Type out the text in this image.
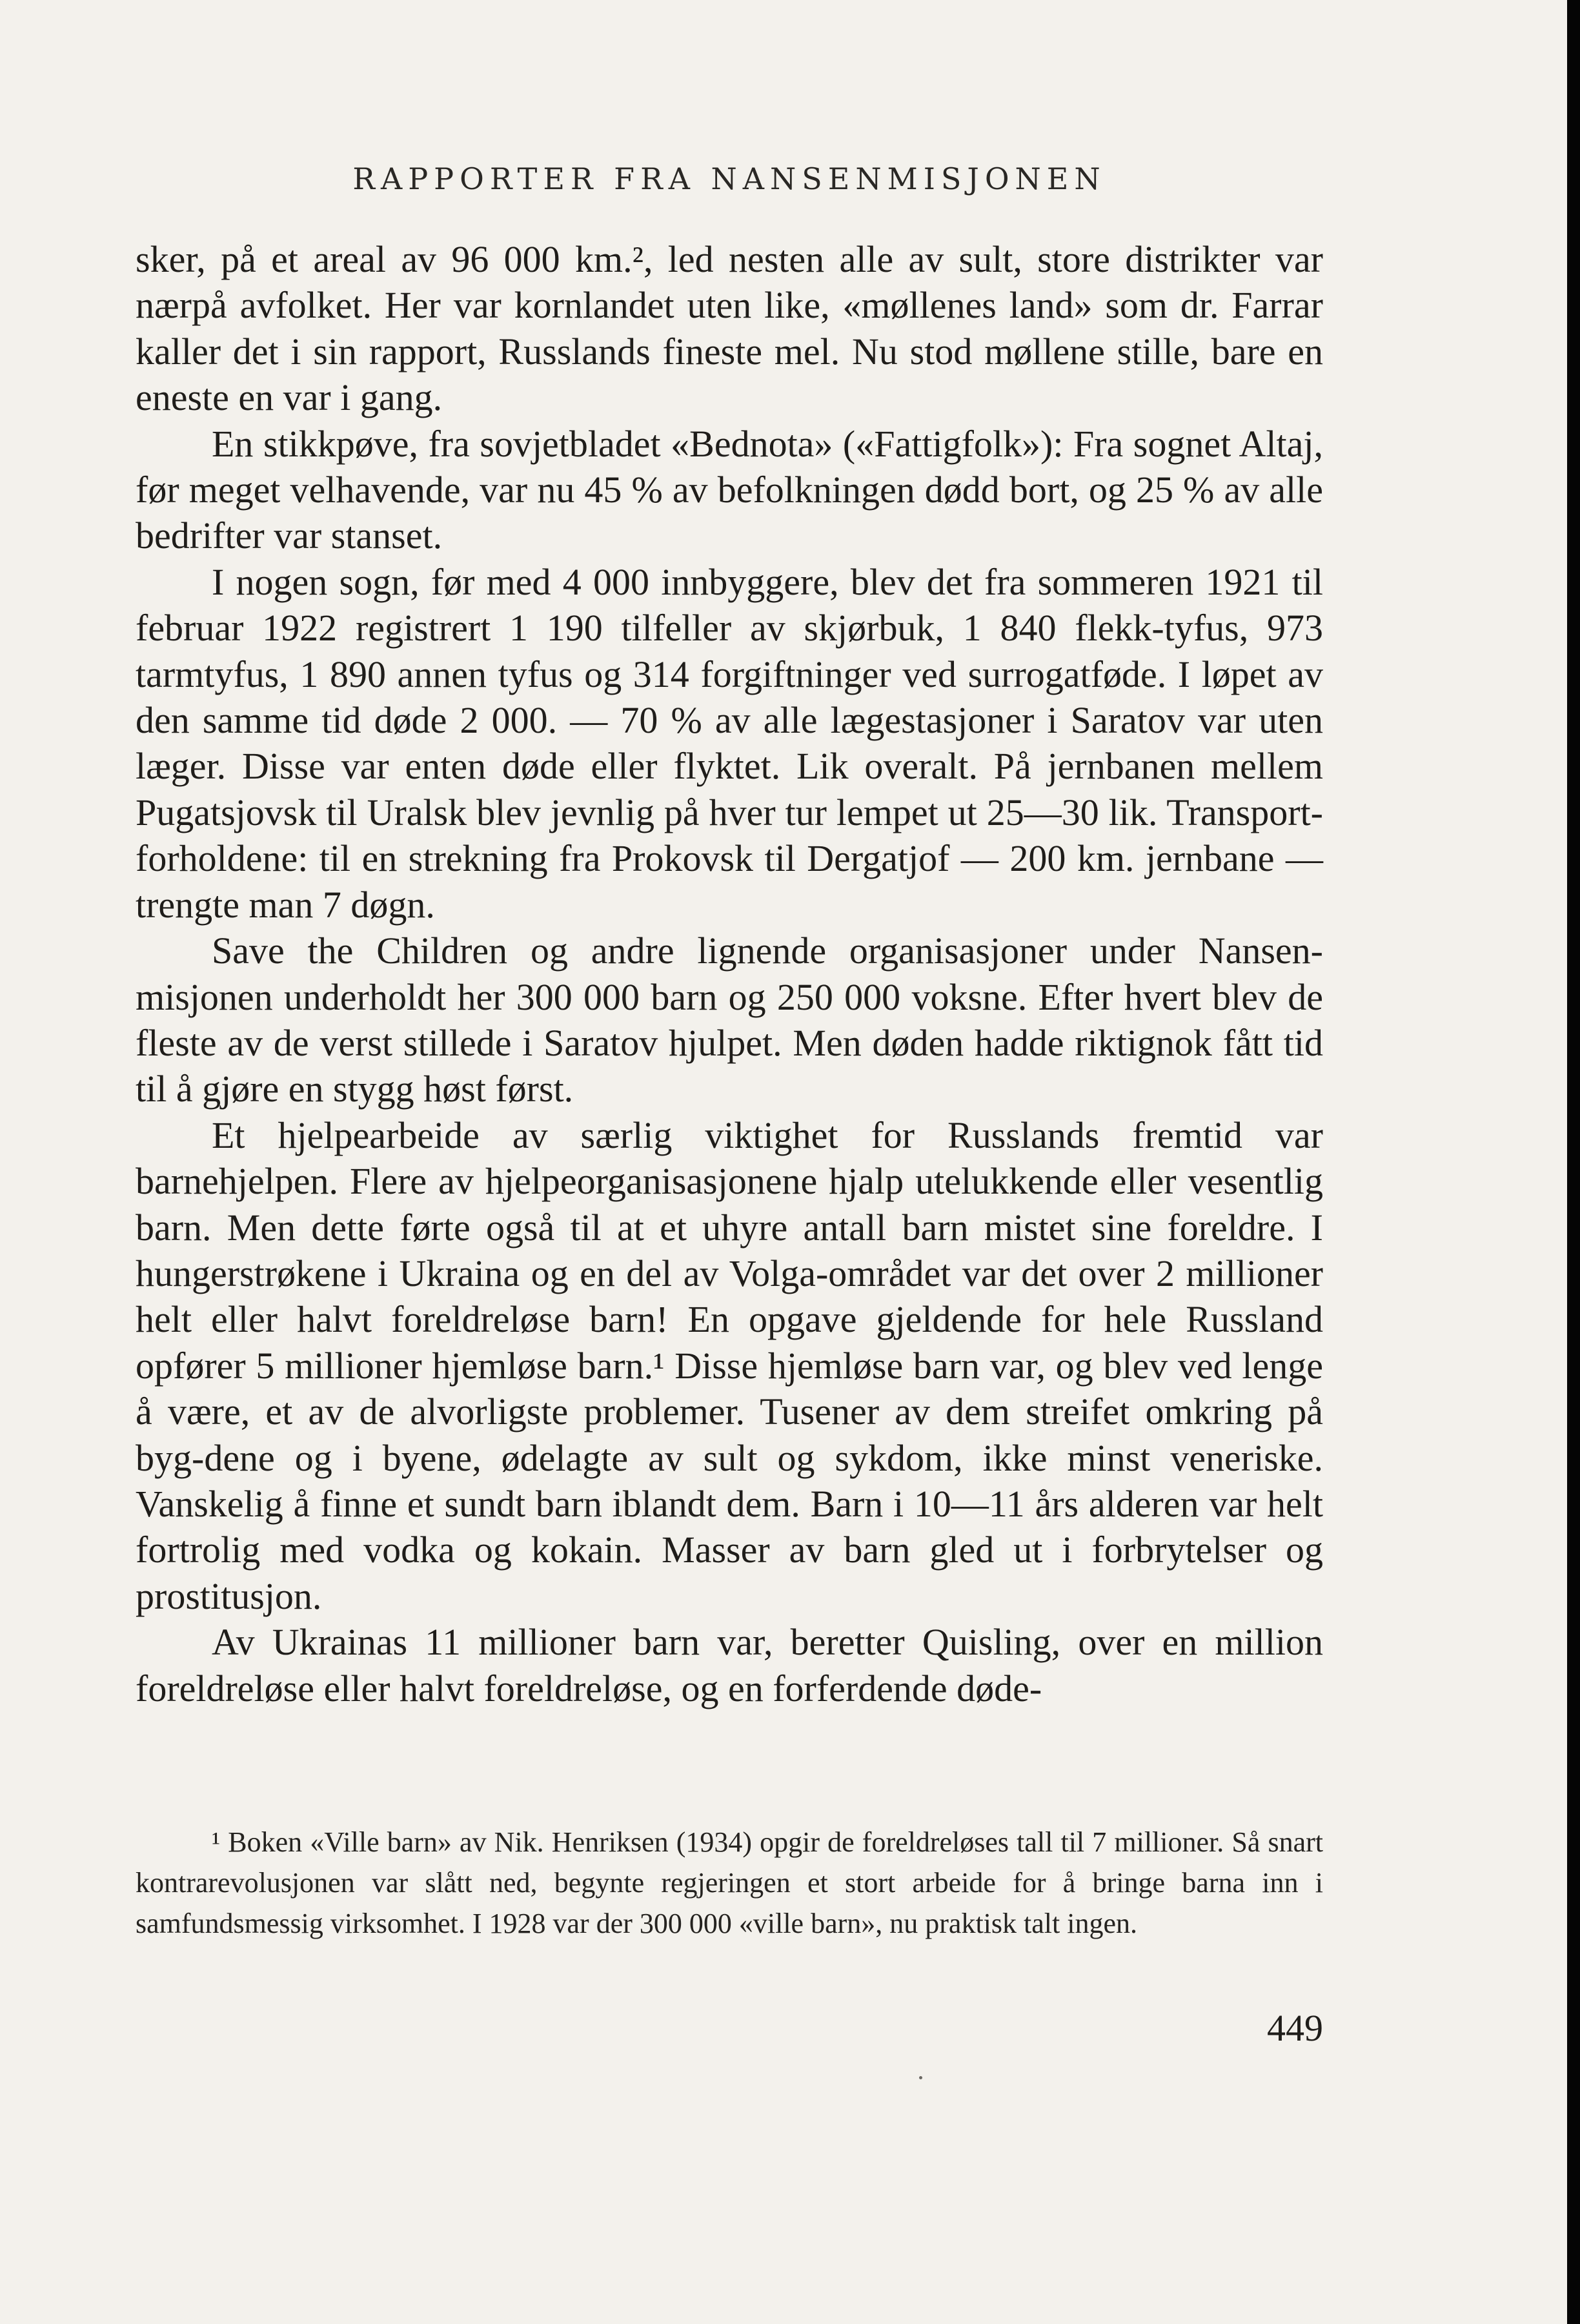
RAPPORTER FRA NANSENMISJONEN

sker, på et areal av 96 000 km.², led nesten alle av sult, store distrikter var nærpå avfolket. Her var kornlandet uten like, «møllenes land» som dr. Farrar kaller det i sin rapport, Russlands fineste mel. Nu stod møllene stille, bare en eneste en var i gang.

En stikkpøve, fra sovjetbladet «Bednota» («Fattigfolk»): Fra sognet Altaj, før meget velhavende, var nu 45 % av befolkningen dødd bort, og 25 % av alle bedrifter var stanset.

I nogen sogn, før med 4 000 innbyggere, blev det fra sommeren 1921 til februar 1922 registrert 1 190 tilfeller av skjørbuk, 1 840 flekk-tyfus, 973 tarmtyfus, 1 890 annen tyfus og 314 forgiftninger ved surrogatføde. I løpet av den samme tid døde 2 000. — 70 % av alle lægestasjoner i Saratov var uten læger. Disse var enten døde eller flyktet. Lik overalt. På jernbanen mellem Pugatsjovsk til Uralsk blev jevnlig på hver tur lempet ut 25—30 lik. Transport-forholdene: til en strekning fra Prokovsk til Dergatjof — 200 km. jernbane — trengte man 7 døgn.

Save the Children og andre lignende organisasjoner under Nansen-misjonen underholdt her 300 000 barn og 250 000 voksne. Efter hvert blev de fleste av de verst stillede i Saratov hjulpet. Men døden hadde riktignok fått tid til å gjøre en stygg høst først.

Et hjelpearbeide av særlig viktighet for Russlands fremtid var barnehjelpen. Flere av hjelpeorganisasjonene hjalp utelukkende eller vesentlig barn. Men dette førte også til at et uhyre antall barn mistet sine foreldre. I hungerstrøkene i Ukraina og en del av Volga-området var det over 2 millioner helt eller halvt foreldreløse barn! En opgave gjeldende for hele Russland opfører 5 millioner hjemløse barn.¹ Disse hjemløse barn var, og blev ved lenge å være, et av de alvorligste problemer. Tusener av dem streifet omkring på byg-dene og i byene, ødelagte av sult og sykdom, ikke minst veneriske. Vanskelig å finne et sundt barn iblandt dem. Barn i 10—11 års alderen var helt fortrolig med vodka og kokain. Masser av barn gled ut i forbrytelser og prostitusjon.

Av Ukrainas 11 millioner barn var, beretter Quisling, over en million foreldreløse eller halvt foreldreløse, og en forferdende døde-

¹ Boken «Ville barn» av Nik. Henriksen (1934) opgir de foreldreløses tall til 7 millioner. Så snart kontrarevolusjonen var slått ned, begynte regjeringen et stort arbeide for å bringe barna inn i samfundsmessig virksomhet. I 1928 var der 300 000 «ville barn», nu praktisk talt ingen.

449
